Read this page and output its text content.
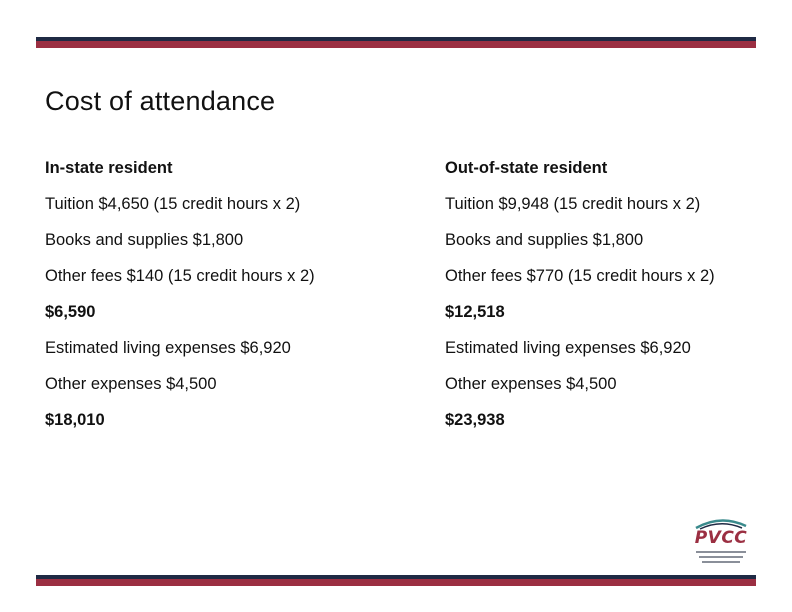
Cost of attendance
In-state resident
Tuition $4,650 (15 credit hours x 2)
Books and supplies $1,800
Other fees $140 (15 credit hours x 2)
$6,590
Estimated living expenses $6,920
Other expenses $4,500
$18,010
Out-of-state resident
Tuition $9,948 (15 credit hours x 2)
Books and supplies $1,800
Other fees $770 (15 credit hours x 2)
$12,518
Estimated living expenses $6,920
Other expenses $4,500
$23,938
PVCC
